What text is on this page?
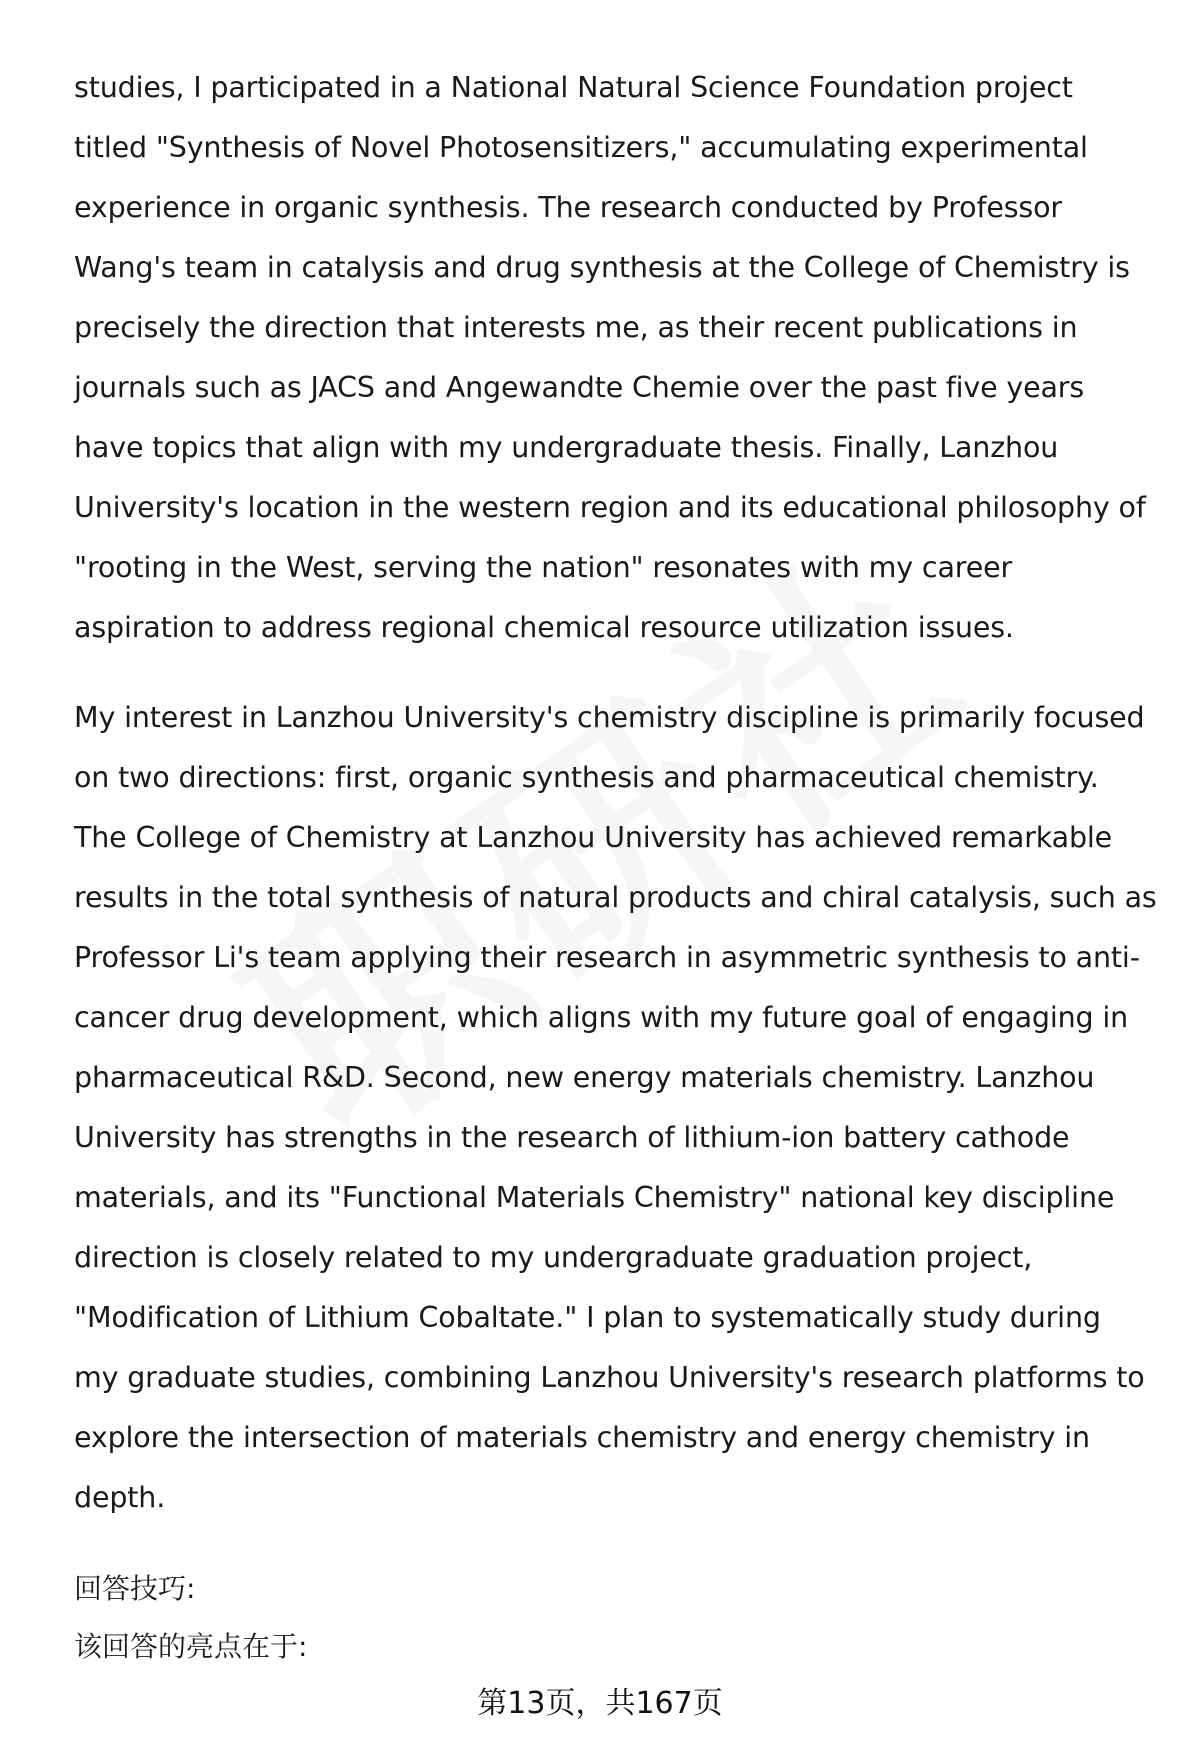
studies, I participated in a National Natural Science Foundation project
titled "Synthesis of Novel Photosensitizers," accumulating experimental
experience in organic synthesis. The research conducted by Professor
Wang's team in catalysis and drug synthesis at the College of Chemistry is
precisely the direction that interests me, as their recent publications in
journals such as JACS and Angewandte Chemie over the past five years
have topics that align with my undergraduate thesis. Finally, Lanzhou
University's location in the western region and its educational philosophy of
"rooting in the West, serving the nation" resonates with my career
aspiration to address regional chemical resource utilization issues.

My interest in Lanzhou University's chemistry discipline is primarily focused
on two directions: first, organic synthesis and pharmaceutical chemistry.
The College of Chemistry at Lanzhou University has achieved remarkable
results in the total synthesis of natural products and chiral catalysis, such as
Professor Li's team applying their research in asymmetric synthesis to anti-
cancer drug development, which aligns with my future goal of engaging in
pharmaceutical R&D. Second, new energy materials chemistry. Lanzhou
University has strengths in the research of lithium-ion battery cathode
materials, and its "Functional Materials Chemistry" national key discipline
direction is closely related to my undergraduate graduation project,
"Modification of Lithium Cobaltate." I plan to systematically study during
my graduate studies, combining Lanzhou University's research platforms to
explore the intersection of materials chemistry and energy chemistry in
depth.

回答技巧:

该回答的亮点在于:

第13页，共167页
